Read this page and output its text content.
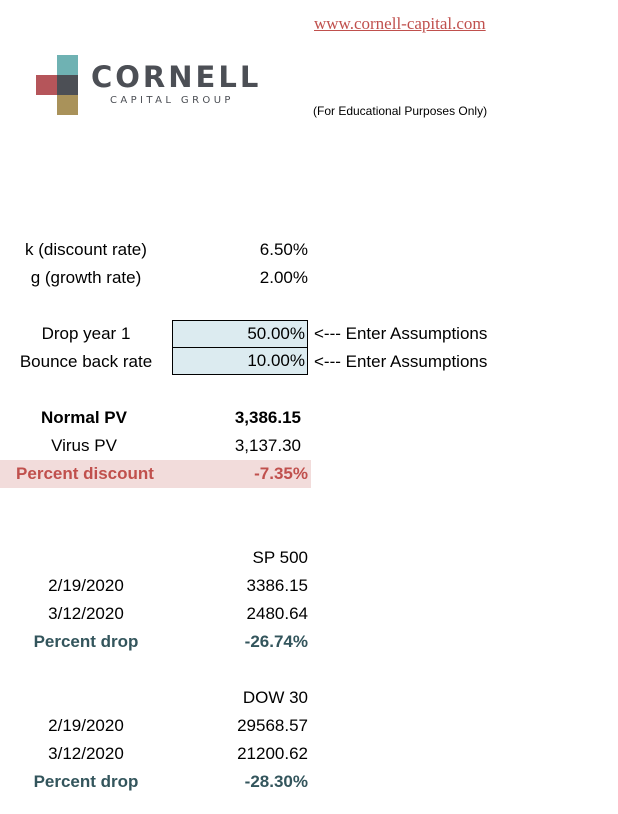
www.cornell-capital.com
CORNELL
CAPITAL GROUP
(For Educational Purposes Only)
k (discount rate)	6.50%
g (growth rate)	2.00%
Drop year 1	50.00% <--- Enter Assumptions
Bounce back rate	10.00% <--- Enter Assumptions
Normal PV	3,386.15
Virus PV	3,137.30
Percent discount	-7.35%
SP 500
2/19/2020	3386.15
3/12/2020	2480.64
Percent drop	-26.74%
DOW 30
2/19/2020	29568.57
3/12/2020	21200.62
Percent drop	-28.30%
